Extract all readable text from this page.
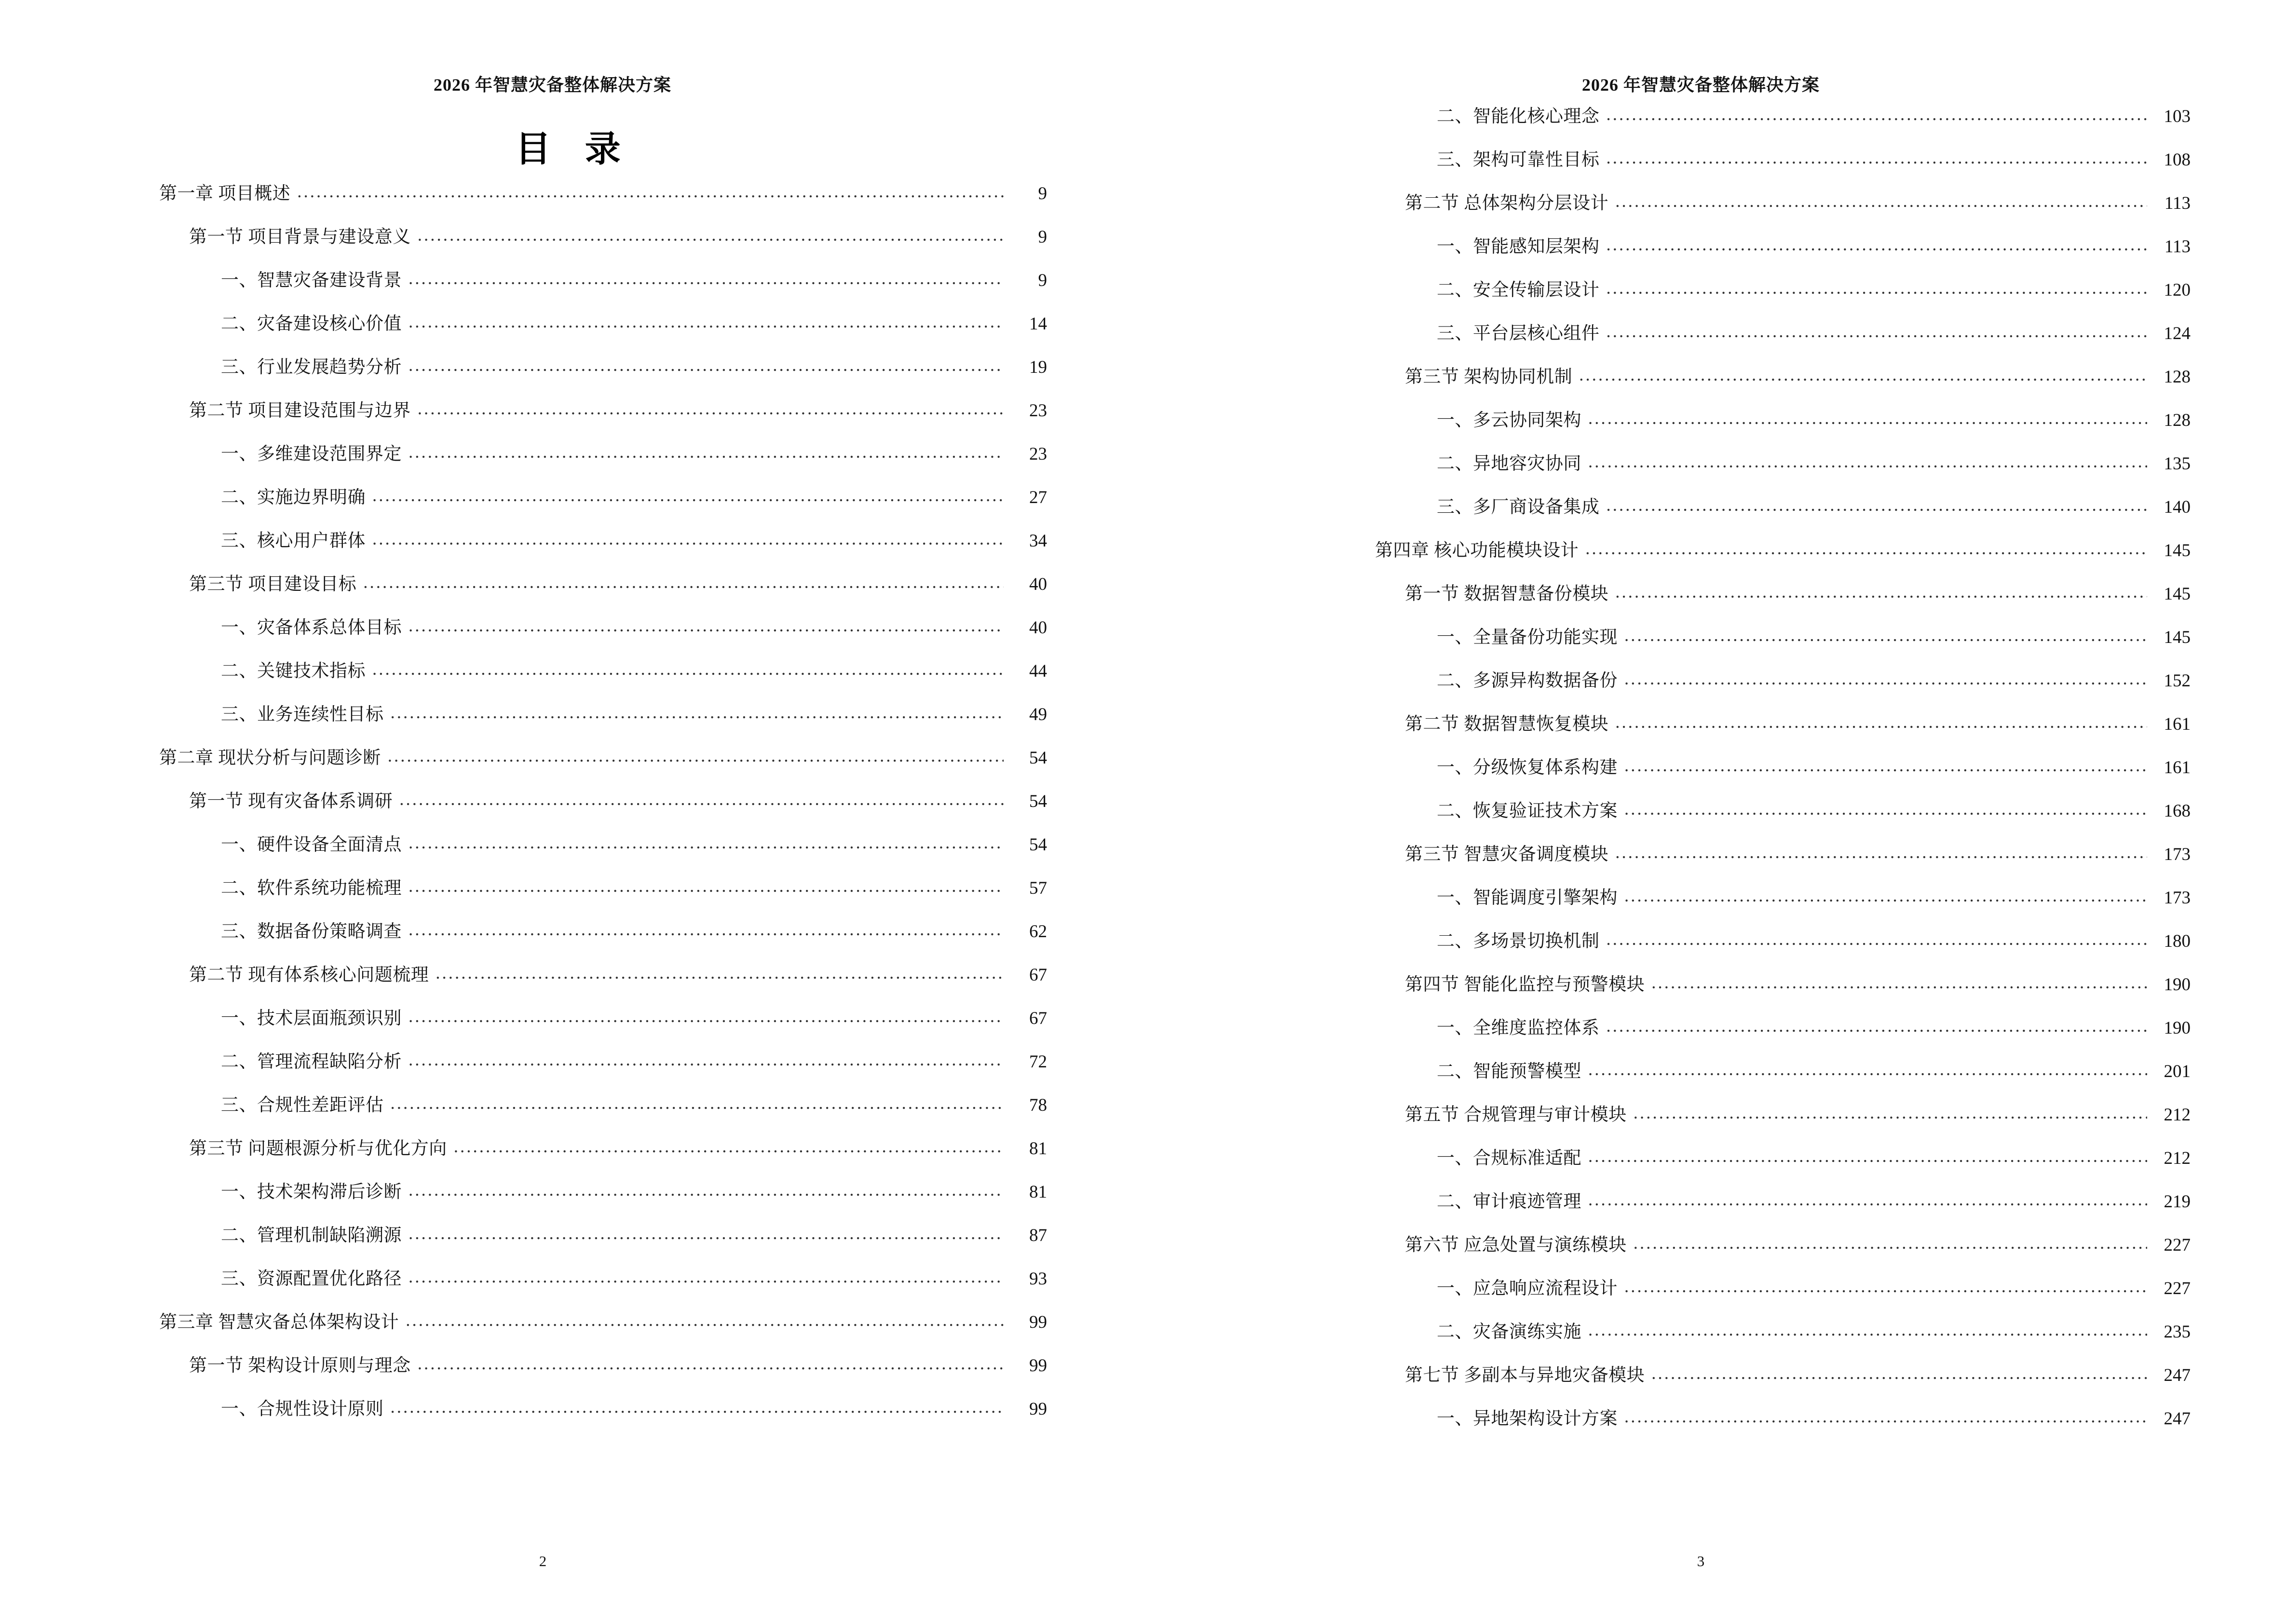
2026 年智慧灾备整体解决方案
目 录
第一章 项目概述 .....	9
第一节 项目背景与建设意义 .....	9
一、智慧灾备建设背景 .....	9
二、灾备建设核心价值 .....	14
三、行业发展趋势分析 .....	19
第二节 项目建设范围与边界 .....	23
一、多维建设范围界定 .....	23
二、实施边界明确 .....	27
三、核心用户群体 .....	34
第三节 项目建设目标 .....	40
一、灾备体系总体目标 .....	40
二、关键技术指标 .....	44
三、业务连续性目标 .....	49
第二章 现状分析与问题诊断 .....	54
第一节 现有灾备体系调研 .....	54
一、硬件设备全面清点 .....	54
二、软件系统功能梳理 .....	57
三、数据备份策略调查 .....	62
第二节 现有体系核心问题梳理 .....	67
一、技术层面瓶颈识别 .....	67
二、管理流程缺陷分析 .....	72
三、合规性差距评估 .....	78
第三节 问题根源分析与优化方向 .....	81
一、技术架构滞后诊断 .....	81
二、管理机制缺陷溯源 .....	87
三、资源配置优化路径 .....	93
第三章 智慧灾备总体架构设计 .....	99
第一节 架构设计原则与理念 .....	99
一、合规性设计原则 .....	99
2
2026 年智慧灾备整体解决方案
二、智能化核心理念 .....	103
三、架构可靠性目标 .....	108
第二节 总体架构分层设计 .....	113
一、智能感知层架构 .....	113
二、安全传输层设计 .....	120
三、平台层核心组件 .....	124
第三节 架构协同机制 .....	128
一、多云协同架构 .....	128
二、异地容灾协同 .....	135
三、多厂商设备集成 .....	140
第四章 核心功能模块设计 .....	145
第一节 数据智慧备份模块 .....	145
一、全量备份功能实现 .....	145
二、多源异构数据备份 .....	152
第二节 数据智慧恢复模块 .....	161
一、分级恢复体系构建 .....	161
二、恢复验证技术方案 .....	168
第三节 智慧灾备调度模块 .....	173
一、智能调度引擎架构 .....	173
二、多场景切换机制 .....	180
第四节 智能化监控与预警模块 .....	190
一、全维度监控体系 .....	190
二、智能预警模型 .....	201
第五节 合规管理与审计模块 .....	212
一、合规标准适配 .....	212
二、审计痕迹管理 .....	219
第六节 应急处置与演练模块 .....	227
一、应急响应流程设计 .....	227
二、灾备演练实施 .....	235
第七节 多副本与异地灾备模块 .....	247
一、异地架构设计方案 .....	247
3
